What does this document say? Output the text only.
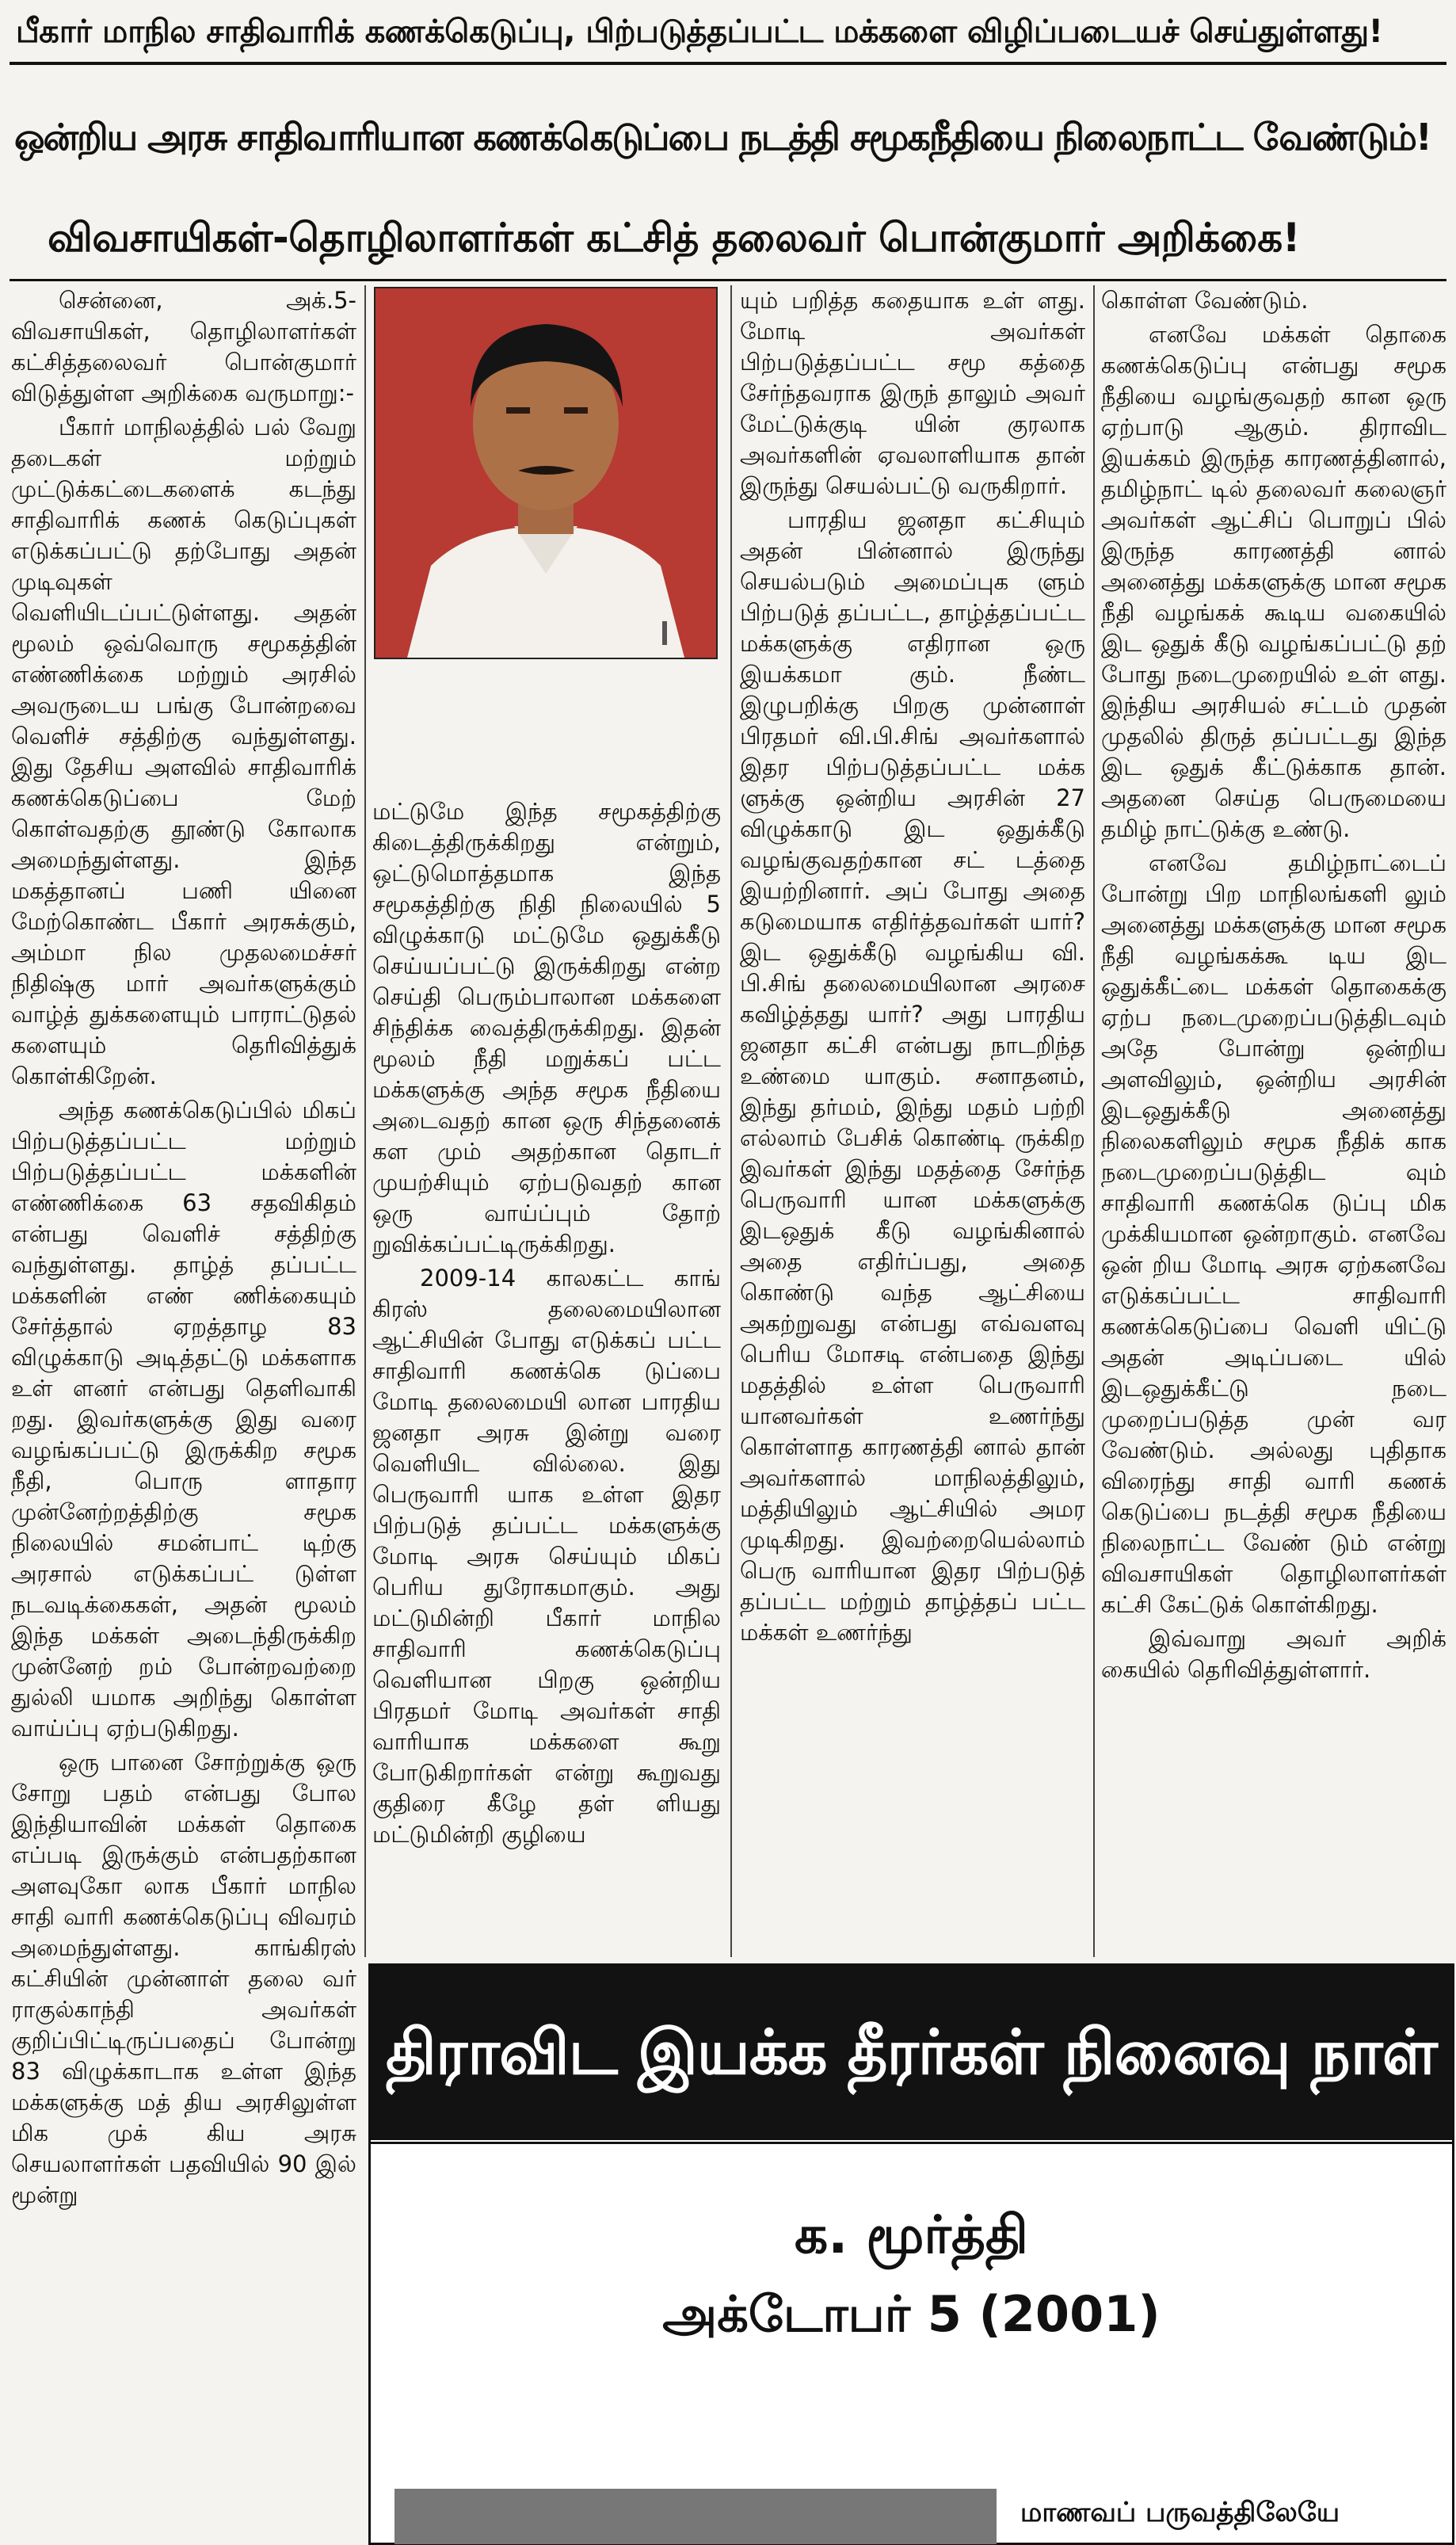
பீகார் மாநில சாதிவாரிக் கணக்கெடுப்பு, பிற்படுத்தப்பட்ட மக்களை விழிப்படையச் செய்துள்ளது!
ஒன்றிய அரசு சாதிவாரியான கணக்கெடுப்பை நடத்தி சமூகநீதியை நிலைநாட்ட வேண்டும்!
விவசாயிகள்-தொழிலாளர்கள் கட்சித் தலைவர் பொன்குமார் அறிக்கை!

சென்னை, அக்.5- விவசாயிகள், தொழிலாளர்கள் கட்சித்தலைவர் பொன்குமார் விடுத்துள்ள அறிக்கை வருமாறு:-

பீகார் மாநிலத்தில் பல் வேறு தடைகள் மற்றும் முட்டுக்கட்டைகளைக் கடந்து சாதிவாரிக் கணக் கெடுப்புகள் எடுக்கப்பட்டு தற்போது அதன் முடிவுகள் வெளியிடப்பட்டுள்ளது. அதன் மூலம் ஒவ்வொரு சமூகத்தின் எண்ணிக்கை மற்றும் அரசில் அவருடைய பங்கு போன்றவை வெளிச் சத்திற்கு வந்துள்ளது. இது தேசிய அளவில் சாதிவாரிக் கணக்கெடுப்பை மேற் கொள்வதற்கு தூண்டு கோலாக அமைந்துள்ளது. இந்த மகத்தானப் பணி யினை மேற்கொண்ட பீகார் அரசுக்கும், அம்மா நில முதலமைச்சர் நிதிஷ்கு மார் அவர்களுக்கும் வாழ்த் துக்களையும் பாராட்டுதல் களையும் தெரிவித்துக் கொள்கிறேன்.

அந்த கணக்கெடுப்பில் மிகப் பிற்படுத்தப்பட்ட மற்றும் பிற்படுத்தப்பட்ட மக்களின் எண்ணிக்கை 63 சதவிகிதம் என்பது வெளிச் சத்திற்கு வந்துள்ளது. தாழ்த் தப்பட்ட மக்களின் எண் ணிக்கையும் சேர்த்தால் ஏறத்தாழ 83 விழுக்காடு அடித்தட்டு மக்களாக உள் ளனர் என்பது தெளிவாகி றது. இவர்களுக்கு இது வரை வழங்கப்பட்டு இருக்கிற சமூக நீதி, பொரு ளாதார முன்னேற்றத்திற்கு சமூக நிலையில் சமன்பாட் டிற்கு அரசால் எடுக்கப்பட் டுள்ள நடவடிக்கைகள், அதன் மூலம் இந்த மக்கள் அடைந்திருக்கிற முன்னேற் றம் போன்றவற்றை துல்லி யமாக அறிந்து கொள்ள வாய்ப்பு ஏற்படுகிறது.

ஒரு பானை சோற்றுக்கு ஒரு சோறு பதம் என்பது போல இந்தியாவின் மக்கள் தொகை எப்படி இருக்கும் என்பதற்கான அளவுகோ லாக பீகார் மாநில சாதி வாரி கணக்கெடுப்பு விவரம் அமைந்துள்ளது. காங்கிரஸ் கட்சியின் முன்னாள் தலை வர் ராகுல்காந்தி அவர்கள் குறிப்பிட்டிருப்பதைப் போன்று 83 விழுக்காடாக உள்ள இந்த மக்களுக்கு மத் திய அரசிலுள்ள மிக முக் கிய அரசு செயலாளர்கள் பதவியில் 90 இல் மூன்று

மட்டுமே இந்த சமூகத்திற்கு கிடைத்திருக்கிறது என்றும், ஒட்டுமொத்தமாக இந்த சமூகத்திற்கு நிதி நிலையில் 5 விழுக்காடு மட்டுமே ஒதுக்கீடு செய்யப்பட்டு இருக்கிறது என்ற செய்தி பெரும்பாலான மக்களை சிந்திக்க வைத்திருக்கிறது. இதன் மூலம் நீதி மறுக்கப் பட்ட மக்களுக்கு அந்த சமூக நீதியை அடைவதற் கான ஒரு சிந்தனைக் கள மும் அதற்கான தொடர் முயற்சியும் ஏற்படுவதற் கான ஒரு வாய்ப்பும் தோற் றுவிக்கப்பட்டிருக்கிறது.

2009-14 காலகட்ட காங் கிரஸ் தலைமையிலான ஆட்சியின் போது எடுக்கப் பட்ட சாதிவாரி கணக்கெ டுப்பை மோடி தலைமையி லான பாரதிய ஜனதா அரசு இன்று வரை வெளியிட வில்லை. இது பெருவாரி யாக உள்ள இதர பிற்படுத் தப்பட்ட மக்களுக்கு மோடி அரசு செய்யும் மிகப் பெரிய துரோகமாகும். அது மட்டுமின்றி பீகார் மாநில சாதிவாரி கணக்கெடுப்பு வெளியான பிறகு ஒன்றிய பிரதமர் மோடி அவர்கள் சாதி வாரியாக மக்களை கூறு போடுகிறார்கள் என்று கூறுவது குதிரை கீழே தள் ளியது மட்டுமின்றி குழியை

யும் பறித்த கதையாக உள் ளது. மோடி அவர்கள் பிற்படுத்தப்பட்ட சமூ கத்தை சேர்ந்தவராக இருந் தாலும் அவர் மேட்டுக்குடி யின் குரலாக அவர்களின் ஏவலாளியாக தான் இருந்து செயல்பட்டு வருகிறார்.

பாரதிய ஜனதா கட்சியும் அதன் பின்னால் இருந்து செயல்படும் அமைப்புக ளும் பிற்படுத் தப்பட்ட, தாழ்த்தப்பட்ட மக்களுக்கு எதிரான ஒரு இயக்கமா கும். நீண்ட இழுபறிக்கு பிறகு முன்னாள் பிரதமர் வி.பி.சிங் அவர்களால் இதர பிற்படுத்தப்பட்ட மக்க ளுக்கு ஒன்றிய அரசின் 27 விழுக்காடு இட ஒதுக்கீடு வழங்குவதற்கான சட் டத்தை இயற்றினார். அப் போது அதை கடுமையாக எதிர்த்தவர்கள் யார்? இட ஒதுக்கீடு வழங்கிய வி. பி.சிங் தலைமையிலான அரசை கவிழ்த்தது யார்? அது பாரதிய ஜனதா கட்சி என்பது நாடறிந்த உண்மை யாகும். சனாதனம், இந்து தர்மம், இந்து மதம் பற்றி எல்லாம் பேசிக் கொண்டி ருக்கிற இவர்கள் இந்து மதத்தை சேர்ந்த பெருவாரி யான மக்களுக்கு இடஒதுக் கீடு வழங்கினால் அதை எதிர்ப்பது, அதை கொண்டு வந்த ஆட்சியை அகற்றுவது என்பது எவ்வளவு பெரிய மோசடி என்பதை இந்து மதத்தில் உள்ள பெருவாரி யானவர்கள் உணர்ந்து கொள்ளாத காரணத்தி னால் தான் அவர்களால் மாநிலத்திலும், மத்தியிலும் ஆட்சியில் அமர முடிகிறது. இவற்றையெல்லாம் பெரு வாரியான இதர பிற்படுத் தப்பட்ட மற்றும் தாழ்த்தப் பட்ட மக்கள் உணர்ந்து

கொள்ள வேண்டும்.

எனவே மக்கள் தொகை கணக்கெடுப்பு என்பது சமூக நீதியை வழங்குவதற் கான ஒரு ஏற்பாடு ஆகும். திராவிட இயக்கம் இருந்த காரணத்தினால், தமிழ்நாட் டில் தலைவர் கலைஞர் அவர்கள் ஆட்சிப் பொறுப் பில் இருந்த காரணத்தி னால் அனைத்து மக்களுக்கு மான சமூக நீதி வழங்கக் கூடிய வகையில் இட ஒதுக் கீடு வழங்கப்பட்டு தற் போது நடைமுறையில் உள் ளது. இந்திய அரசியல் சட்டம் முதன் முதலில் திருத் தப்பட்டது இந்த இட ஒதுக் கீட்டுக்காக தான். அதனை செய்த பெருமையை தமிழ் நாட்டுக்கு உண்டு.

எனவே தமிழ்நாட்டைப் போன்று பிற மாநிலங்களி லும் அனைத்து மக்களுக்கு மான சமூக நீதி வழங்கக்கூ டிய இட ஒதுக்கீட்டை மக்கள் தொகைக்கு ஏற்ப நடைமுறைப்படுத்திடவும் அதே போன்று ஒன்றிய அளவிலும், ஒன்றிய அரசின் இடஒதுக்கீடு அனைத்து நிலைகளிலும் சமூக நீதிக் காக நடைமுறைப்படுத்திட வும் சாதிவாரி கணக்கெ டுப்பு மிக முக்கியமான ஒன்றாகும். எனவே ஒன் றிய மோடி அரசு ஏற்கனவே எடுக்கப்பட்ட சாதிவாரி கணக்கெடுப்பை வெளி யிட்டு அதன் அடிப்படை யில் இடஒதுக்கீட்டு நடை முறைப்படுத்த முன் வர வேண்டும். அல்லது புதிதாக விரைந்து சாதி வாரி கணக் கெடுப்பை நடத்தி சமூக நீதியை நிலைநாட்ட வேண் டும் என்று விவசாயிகள் தொழிலாளர்கள் கட்சி கேட்டுக் கொள்கிறது.

இவ்வாறு அவர் அறிக் கையில் தெரிவித்துள்ளார்.

திராவிட இயக்க தீரர்கள் நினைவு நாள்
க. மூர்த்தி
அக்டோபர் 5 (2001)
மாணவப் பருவத்திலேயே
